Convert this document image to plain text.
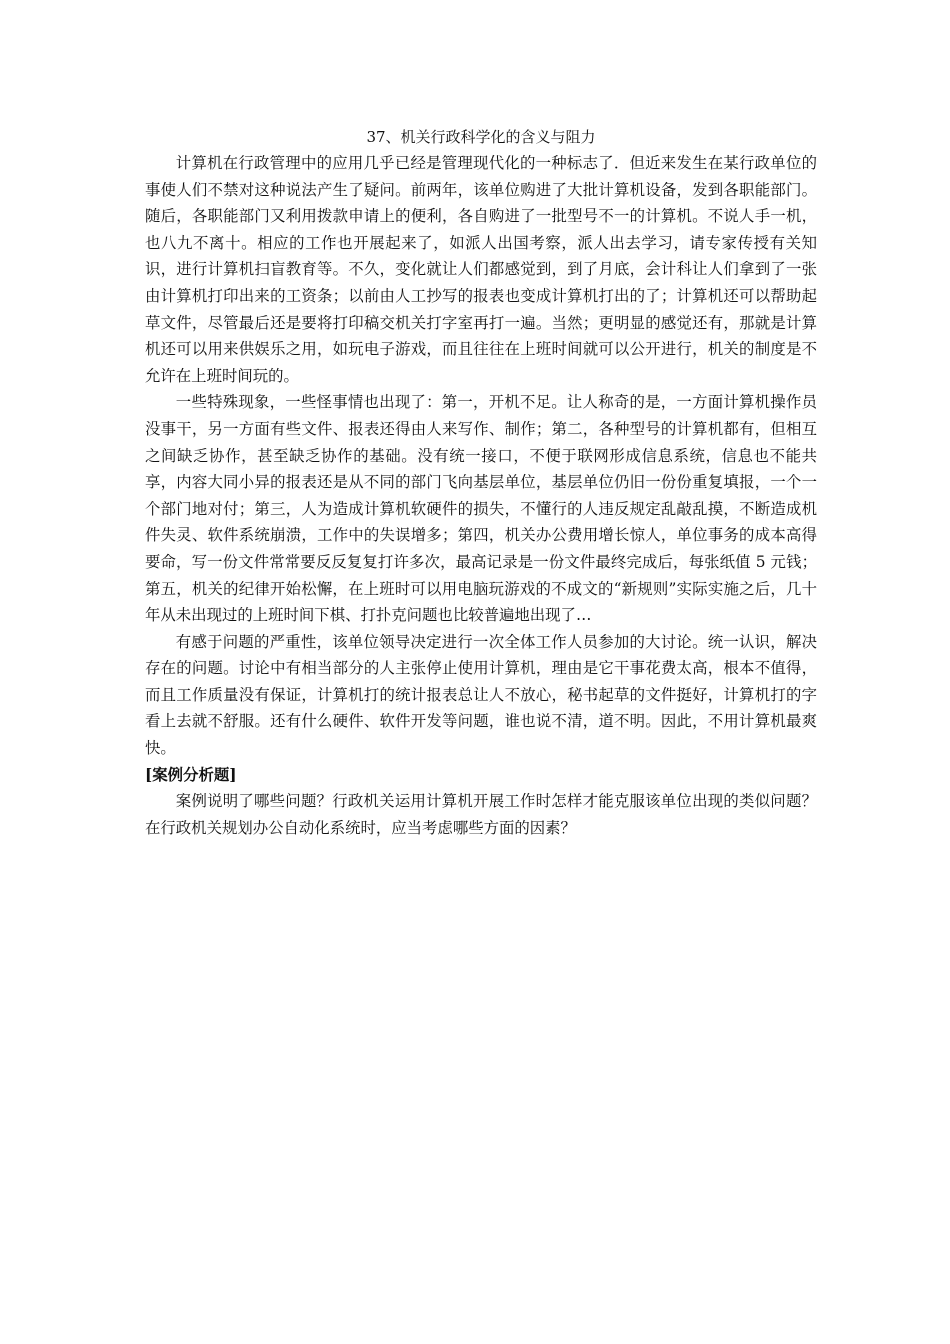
37、机关行政科学化的含义与阻力

计算机在行政管理中的应用几乎已经是管理现代化的一种标志了．但近来发生在某行政单位的事使人们不禁对这种说法产生了疑问。前两年，该单位购进了大批计算机设备，发到各职能部门。随后，各职能部门又利用拨款申请上的便利，各自购进了一批型号不一的计算机。不说人手一机，也八九不离十。相应的工作也开展起来了，如派人出国考察，派人出去学习，请专家传授有关知识，进行计算机扫盲教育等。不久，变化就让人们都感觉到，到了月底，会计科让人们拿到了一张由计算机打印出来的工资条；以前由人工抄写的报表也变成计算机打出的了；计算机还可以帮助起草文件，尽管最后还是要将打印稿交机关打字室再打一遍。当然；更明显的感觉还有，那就是计算机还可以用来供娱乐之用，如玩电子游戏，而且往往在上班时间就可以公开进行，机关的制度是不允许在上班时间玩的。

一些特殊现象，一些怪事情也出现了：第一，开机不足。让人称奇的是，一方面计算机操作员没事干，另一方面有些文件、报表还得由人来写作、制作；第二，各种型号的计算机都有，但相互之间缺乏协作，甚至缺乏协作的基础。没有统一接口，不便于联网形成信息系统，信息也不能共享，内容大同小异的报表还是从不同的部门飞向基层单位，基层单位仍旧一份份重复填报，一个一个部门地对付；第三，人为造成计算机软硬件的损失，不懂行的人违反规定乱敲乱摸，不断造成机件失灵、软件系统崩溃，工作中的失误增多；第四，机关办公费用增长惊人，单位事务的成本高得要命，写一份文件常常要反反复复打许多次，最高记录是一份文件最终完成后，每张纸值 5 元钱；第五，机关的纪律开始松懈，在上班时可以用电脑玩游戏的不成文的“新规则”实际实施之后，几十年从未出现过的上班时间下棋、打扑克问题也比较普遍地出现了…

有感于问题的严重性，该单位领导决定进行一次全体工作人员参加的大讨论。统一认识，解决存在的问题。讨论中有相当部分的人主张停止使用计算机，理由是它干事花费太高，根本不值得，而且工作质量没有保证，计算机打的统计报表总让人不放心，秘书起草的文件挺好，计算机打的字看上去就不舒服。还有什么硬件、软件开发等问题，谁也说不清，道不明。因此，不用计算机最爽快。

[案例分析题]

案例说明了哪些问题？行政机关运用计算机开展工作时怎样才能克服该单位出现的类似问题？在行政机关规划办公自动化系统时，应当考虑哪些方面的因素？
